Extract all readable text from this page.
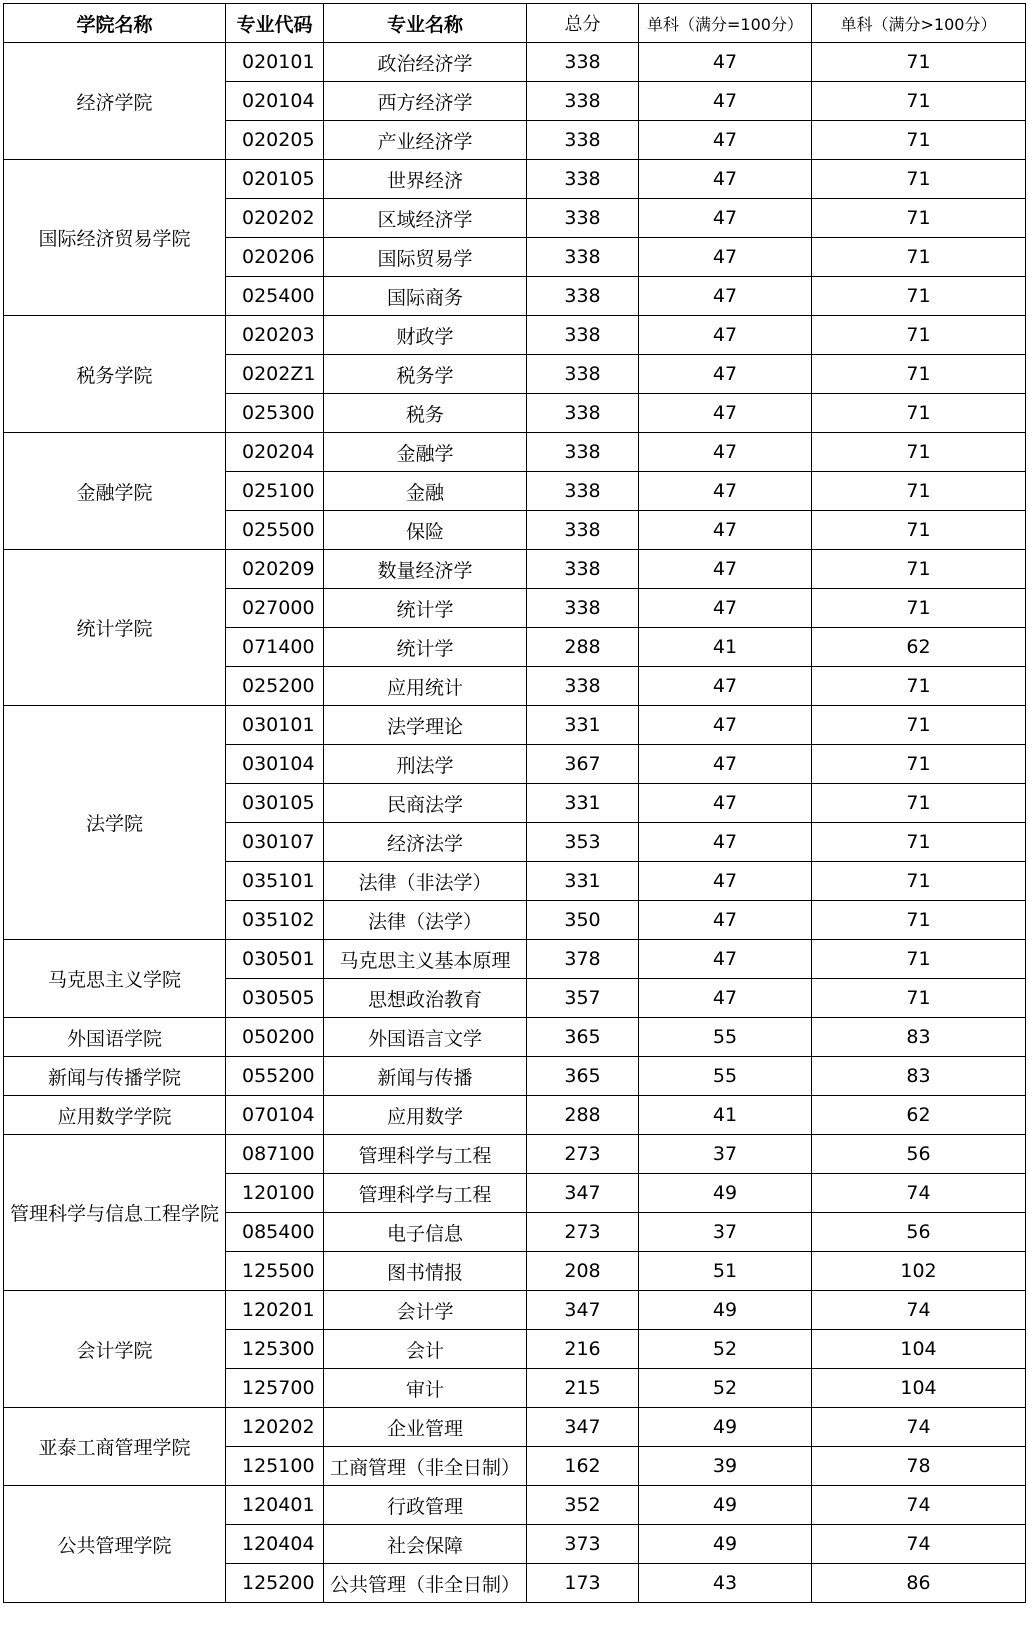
学院名称	专业代码	专业名称	总分	单科（满分=100分）	单科（满分>100分）
经济学院	020101	政治经济学	338	47	71
	020104	西方经济学	338	47	71
	020205	产业经济学	338	47	71
国际经济贸易学院	020105	世界经济	338	47	71
	020202	区域经济学	338	47	71
	020206	国际贸易学	338	47	71
	025400	国际商务	338	47	71
税务学院	020203	财政学	338	47	71
	0202Z1	税务学	338	47	71
	025300	税务	338	47	71
金融学院	020204	金融学	338	47	71
	025100	金融	338	47	71
	025500	保险	338	47	71
统计学院	020209	数量经济学	338	47	71
	027000	统计学	338	47	71
	071400	统计学	288	41	62
	025200	应用统计	338	47	71
法学院	030101	法学理论	331	47	71
	030104	刑法学	367	47	71
	030105	民商法学	331	47	71
	030107	经济法学	353	47	71
	035101	法律（非法学）	331	47	71
	035102	法律（法学）	350	47	71
马克思主义学院	030501	马克思主义基本原理	378	47	71
	030505	思想政治教育	357	47	71
外国语学院	050200	外国语言文学	365	55	83
新闻与传播学院	055200	新闻与传播	365	55	83
应用数学学院	070104	应用数学	288	41	62
管理科学与信息工程学院	087100	管理科学与工程	273	37	56
	120100	管理科学与工程	347	49	74
	085400	电子信息	273	37	56
	125500	图书情报	208	51	102
会计学院	120201	会计学	347	49	74
	125300	会计	216	52	104
	125700	审计	215	52	104
亚泰工商管理学院	120202	企业管理	347	49	74
	125100	工商管理（非全日制）	162	39	78
公共管理学院	120401	行政管理	352	49	74
	120404	社会保障	373	49	74
	125200	公共管理（非全日制）	173	43	86
